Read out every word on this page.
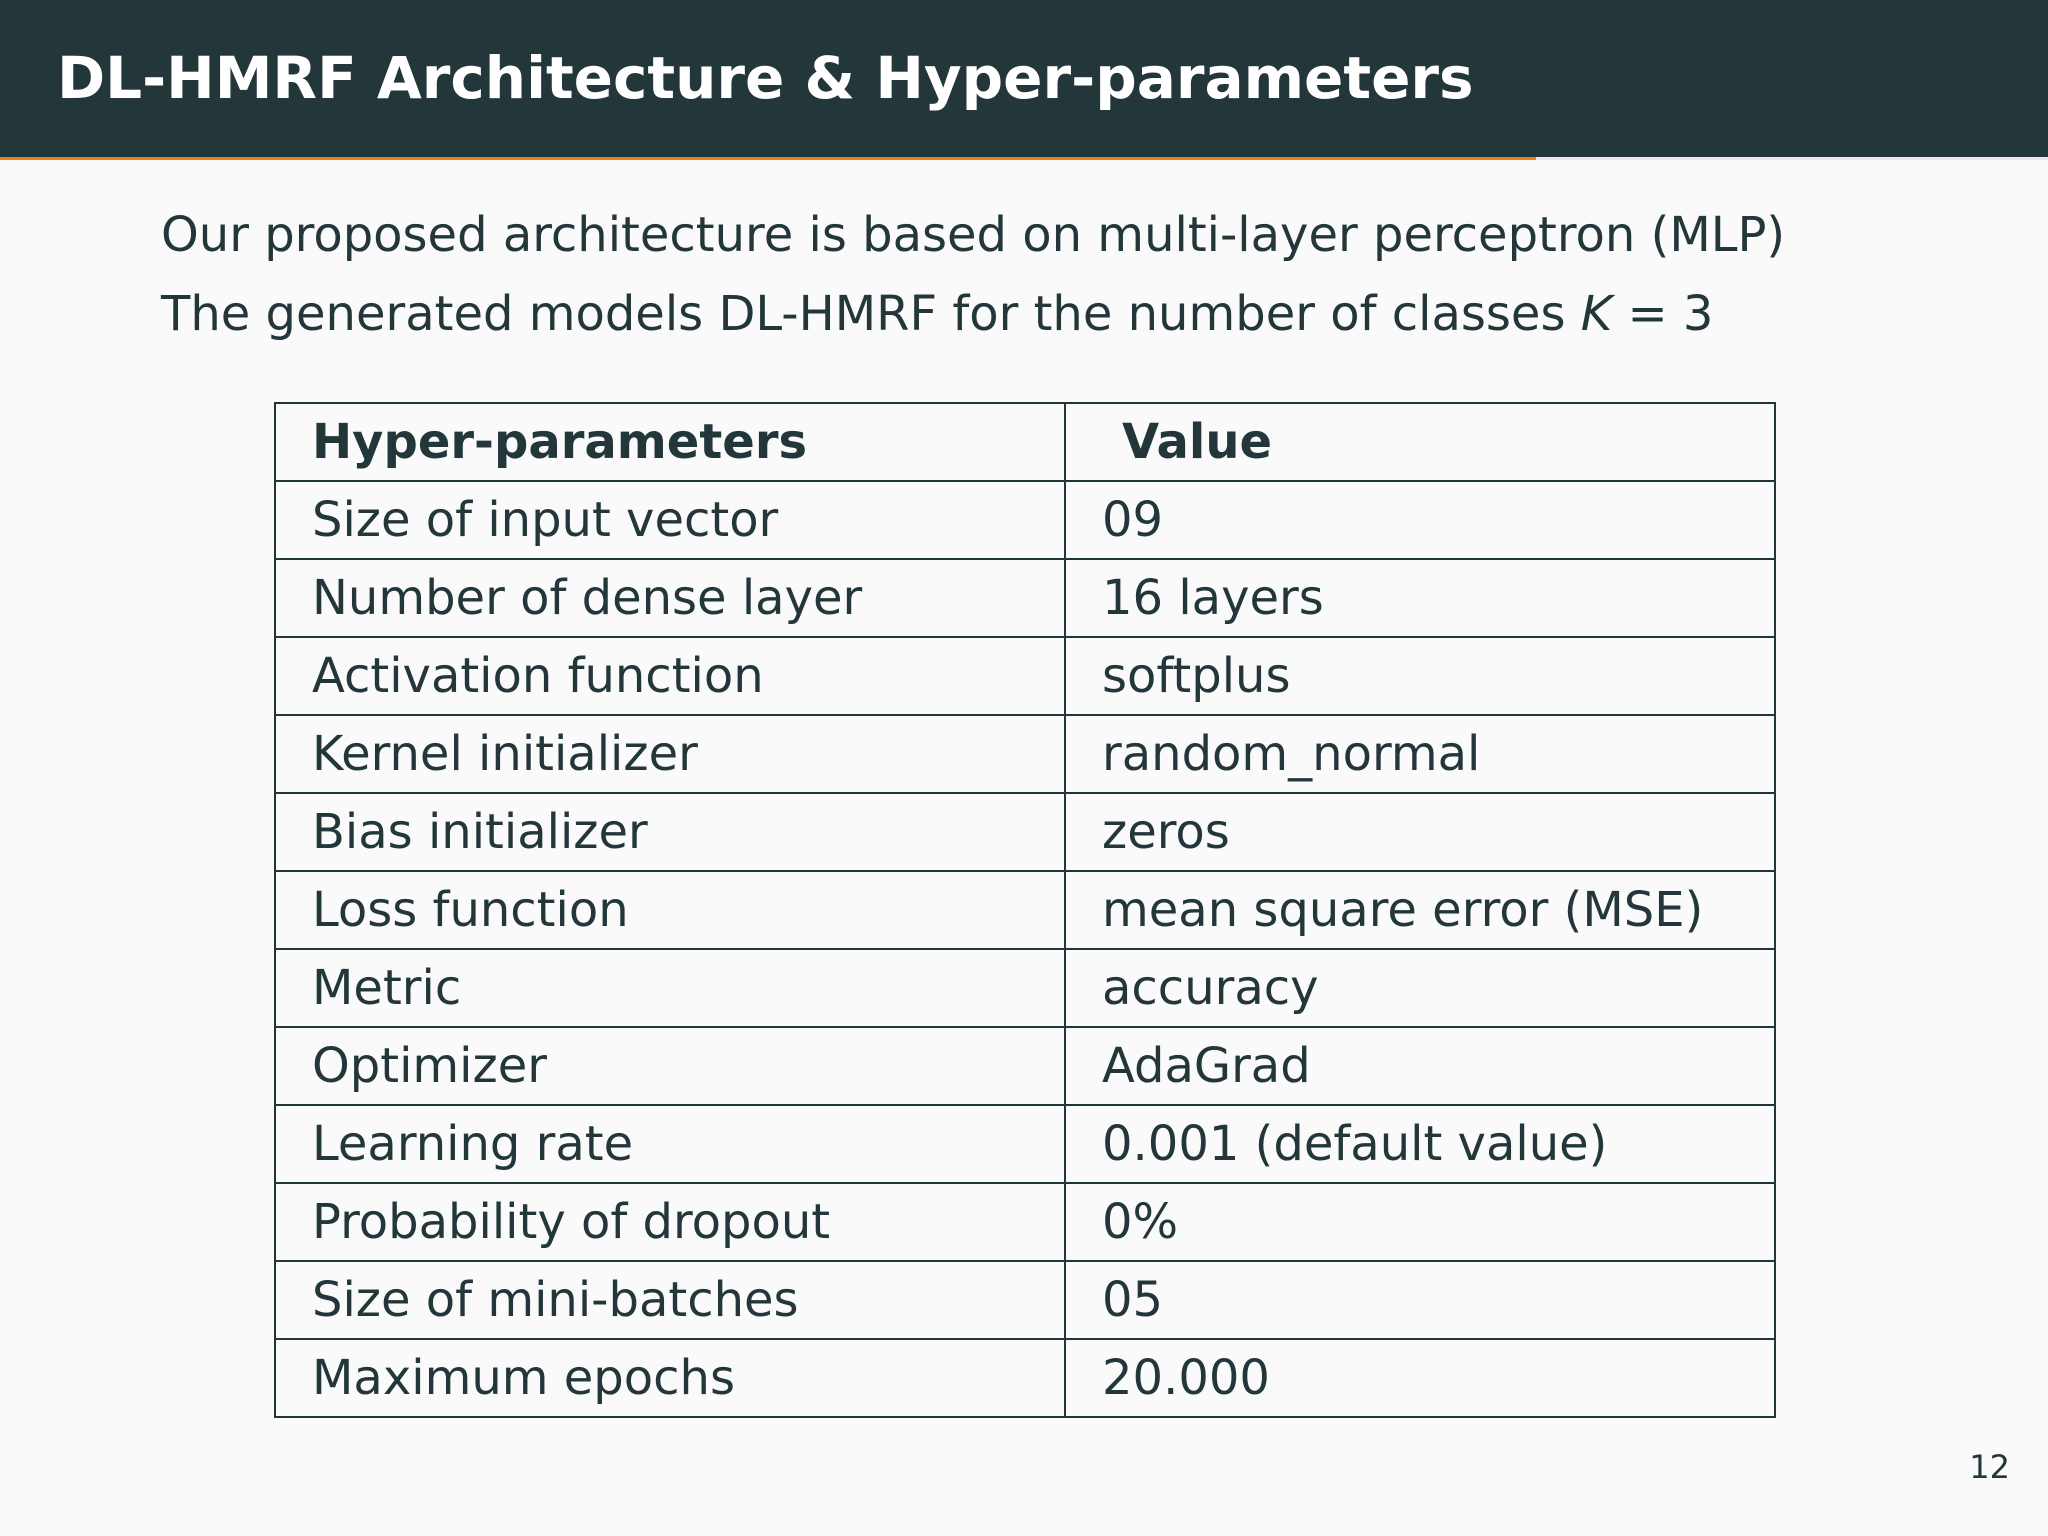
DL-HMRF Architecture & Hyper-parameters
Our proposed architecture is based on multi-layer perceptron (MLP)
The generated models DL-HMRF for the number of classes K = 3
Hyper-parameters	Value
Size of input vector	09
Number of dense layer	16 layers
Activation function	softplus
Kernel initializer	random_normal
Bias initializer	zeros
Loss function	mean square error (MSE)
Metric	accuracy
Optimizer	AdaGrad
Learning rate	0.001 (default value)
Probability of dropout	0%
Size of mini-batches	05
Maximum epochs	20.000
12
